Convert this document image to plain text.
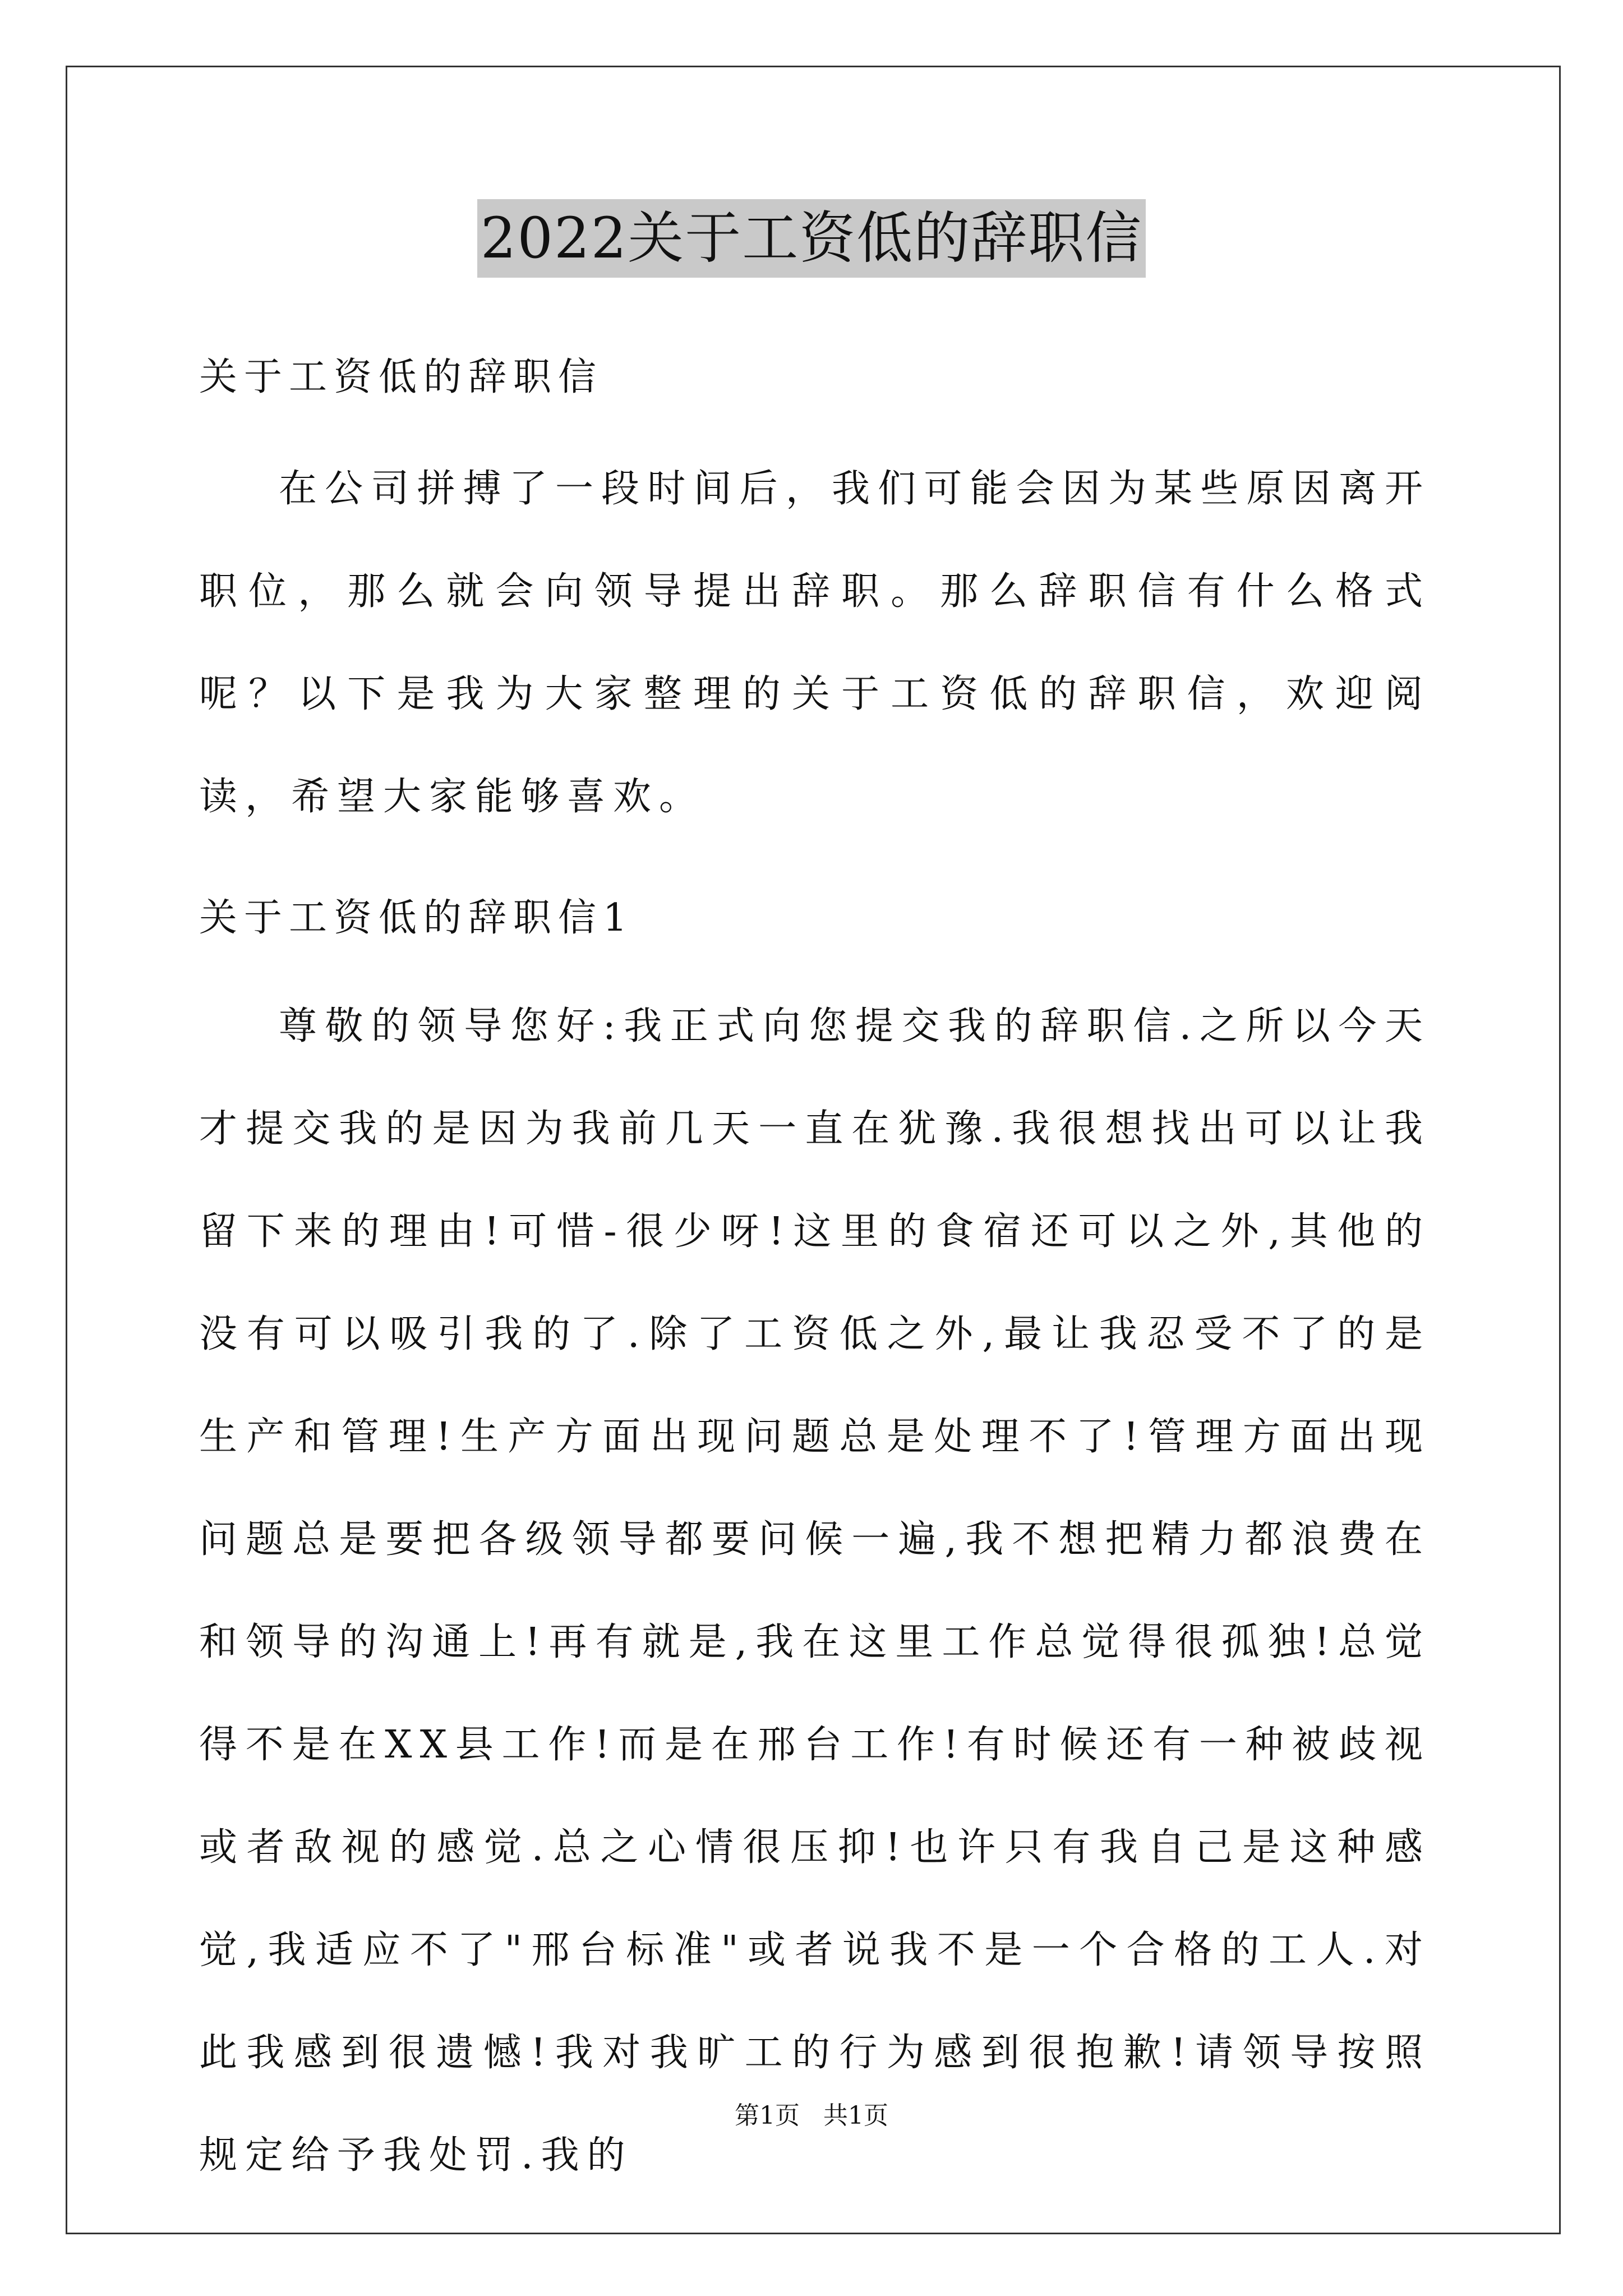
2022关于工资低的辞职信
关于工资低的辞职信

在公司拼搏了一段时间后，我们可能会因为某些原因离开职位，那么就会向领导提出辞职。那么辞职信有什么格式呢？以下是我为大家整理的关于工资低的辞职信，欢迎阅读，希望大家能够喜欢。

关于工资低的辞职信1

尊敬的领导您好:我正式向您提交我的辞职信.之所以今天才提交我的是因为我前几天一直在犹豫.我很想找出可以让我留下来的理由!可惜-很少呀!这里的食宿还可以之外,其他的没有可以吸引我的了.除了工资低之外,最让我忍受不了的是生产和管理!生产方面出现问题总是处理不了!管理方面出现问题总是要把各级领导都要问候一遍,我不想把精力都浪费在和领导的沟通上!再有就是,我在这里工作总觉得很孤独!总觉得不是在XX县工作!而是在邢台工作!有时候还有一种被歧视或者敌视的感觉.总之心情很压抑!也许只有我自己是这种感觉,我适应不了"邢台标准"或者说我不是一个合格的工人.对此我感到很遗憾!我对我旷工的行为感到很抱歉!请领导按照规定给予我处罚.我的

第1页   共1页
